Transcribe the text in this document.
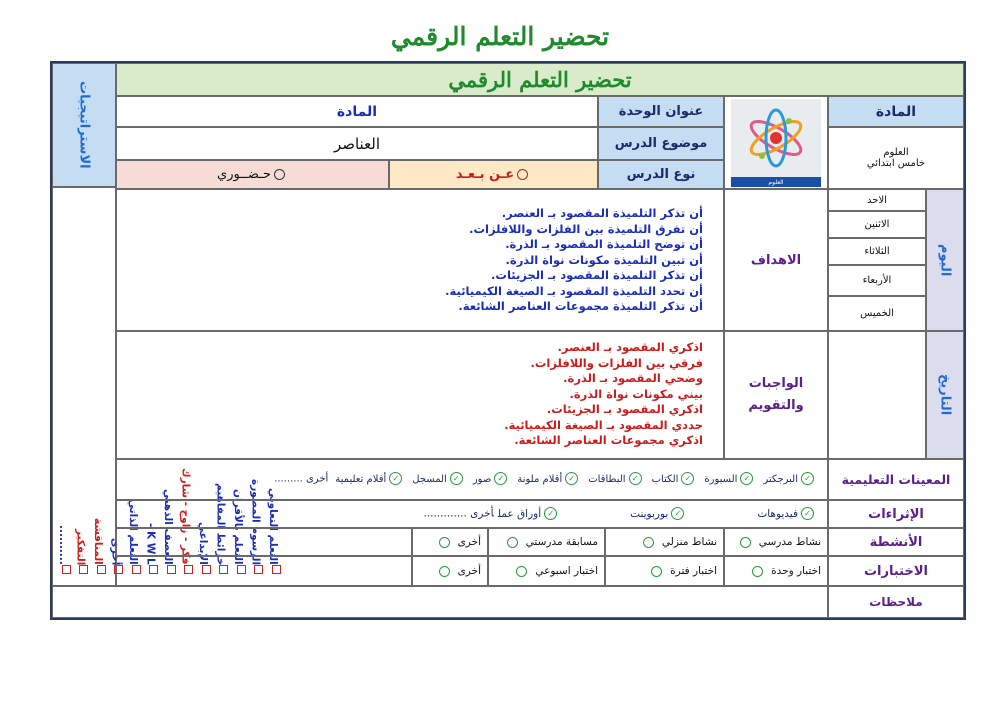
تحضير التعلم الرقمي
الاستراتيجيات
التعلم التعاوني
الرسوم المصورة
التعلم بالأقران
خرائط المفاهيم
الإبداعي
فكر - زاوج - شارك
العصف الذهني
K W L -
التعلم الذاتي
أخرى
المناقشة
التفكير
..........
تحضير التعلم الرقمي
المادة	عنوان الوحدة
العناصر	موضوع الدرس
حـضــوري	عـن بـعـد	نوع الدرس	العلوم
المادة
العلوم
خامس ابتدائي
اليوم
الاحد
الاثنين
الثلاثاء
الأربعاء
الخميس
التاريخ
أن تذكر التلميذة المقصود بـ العنصر.
أن تفرق التلميذة بين الفلزات واللافلزات.
أن توضح التلميذة المقصود بـ الذرة.
أن تبين التلميذة مكونات نواة الذرة.
أن تذكر التلميذة المقصود بـ الجزيئات.
أن تحدد التلميذة المقصود بـ الصيغة الكيميائية.
أن تذكر التلميذة مجموعات العناصر الشائعة.
الاهداف
اذكري المقصود بـ العنصر.
فرقي بين الفلزات واللافلزات.
وضحي المقصود بـ الذرة.
بيني مكونات نواة الذرة.
اذكري المقصود بـ الجزيئات.
حددي المقصود بـ الصيغة الكيميائية.
اذكري مجموعات العناصر الشائعة.
الواجبات
والتقويم
✓البرجكتر✓السبورة✓الكتاب✓البطاقات✓أقلام ملونة✓صور✓المسجل✓أفلام تعليميةأخرى .........	المعينات التعليمية
✓فيديوهات✓بوربوينت✓أوراق عملأخرى .............	الإثراءات
نشاط مدرسي
نشاط منزلي
مسابقة مدرستي
أخرى	الأنشطة
اختبار وحدة
اختبار فترة
اختبار اسبوعي
أخرى	الاختبارات
ملاحظات
